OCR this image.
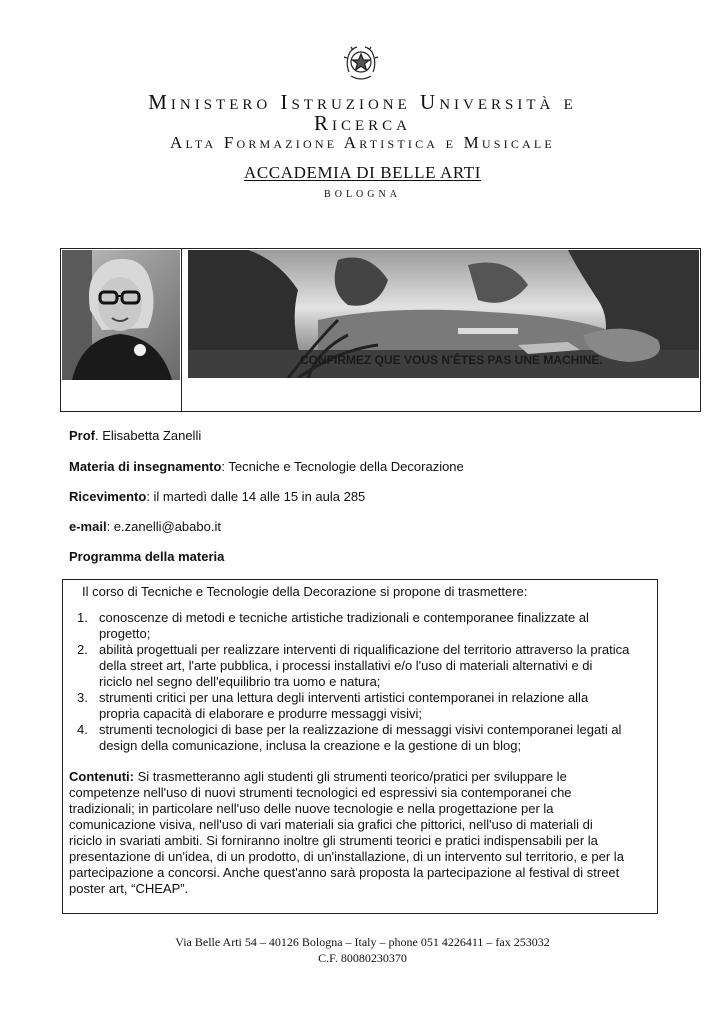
Ministero Istruzione Università e
Ricerca
Alta Formazione Artistica e Musicale
ACCADEMIA DI BELLE ARTI
BOLOGNA
CONFIRMEZ QUE VOUS N'ÊTES PAS UNE MACHINE.
Prof. Elisabetta Zanelli
Materia di insegnamento: Tecniche e Tecnologie della Decorazione
Ricevimento: il martedì dalle 14 alle 15 in aula 285
e-mail: e.zanelli@ababo.it
Programma della materia
Il corso di Tecniche e Tecnologie della Decorazione si propone di trasmettere:
1. conoscenze di metodi e tecniche artistiche tradizionali e contemporanee finalizzate al
progetto;
2. abilità progettuali per realizzare interventi di riqualificazione del territorio attraverso la pratica
della street art, l'arte pubblica, i processi installativi e/o l'uso di materiali alternativi e di
riciclo nel segno dell'equilibrio tra uomo e natura;
3. strumenti critici per una lettura degli interventi artistici contemporanei in relazione alla
propria capacità di elaborare e produrre messaggi visivi;
4. strumenti tecnologici di base per la realizzazione di messaggi visivi contemporanei legati al
design della comunicazione, inclusa la creazione e la gestione di un blog;
Contenuti: Si trasmetteranno agli studenti gli strumenti teorico/pratici per sviluppare le
competenze nell'uso di nuovi strumenti tecnologici ed espressivi sia contemporanei che
tradizionali; in particolare nell'uso delle nuove tecnologie e nella progettazione per la
comunicazione visiva, nell'uso di vari materiali sia grafici che pittorici, nell'uso di materiali di
riciclo in svariati ambiti. Si forniranno inoltre gli strumenti teorici e pratici indispensabili per la
presentazione di un'idea, di un prodotto, di un'installazione, di un intervento sul territorio, e per la
partecipazione a concorsi. Anche quest'anno sarà proposta la partecipazione al festival di street
poster art, “CHEAP”.
Via Belle Arti 54 – 40126 Bologna – Italy – phone 051 4226411 – fax 253032
C.F. 80080230370
